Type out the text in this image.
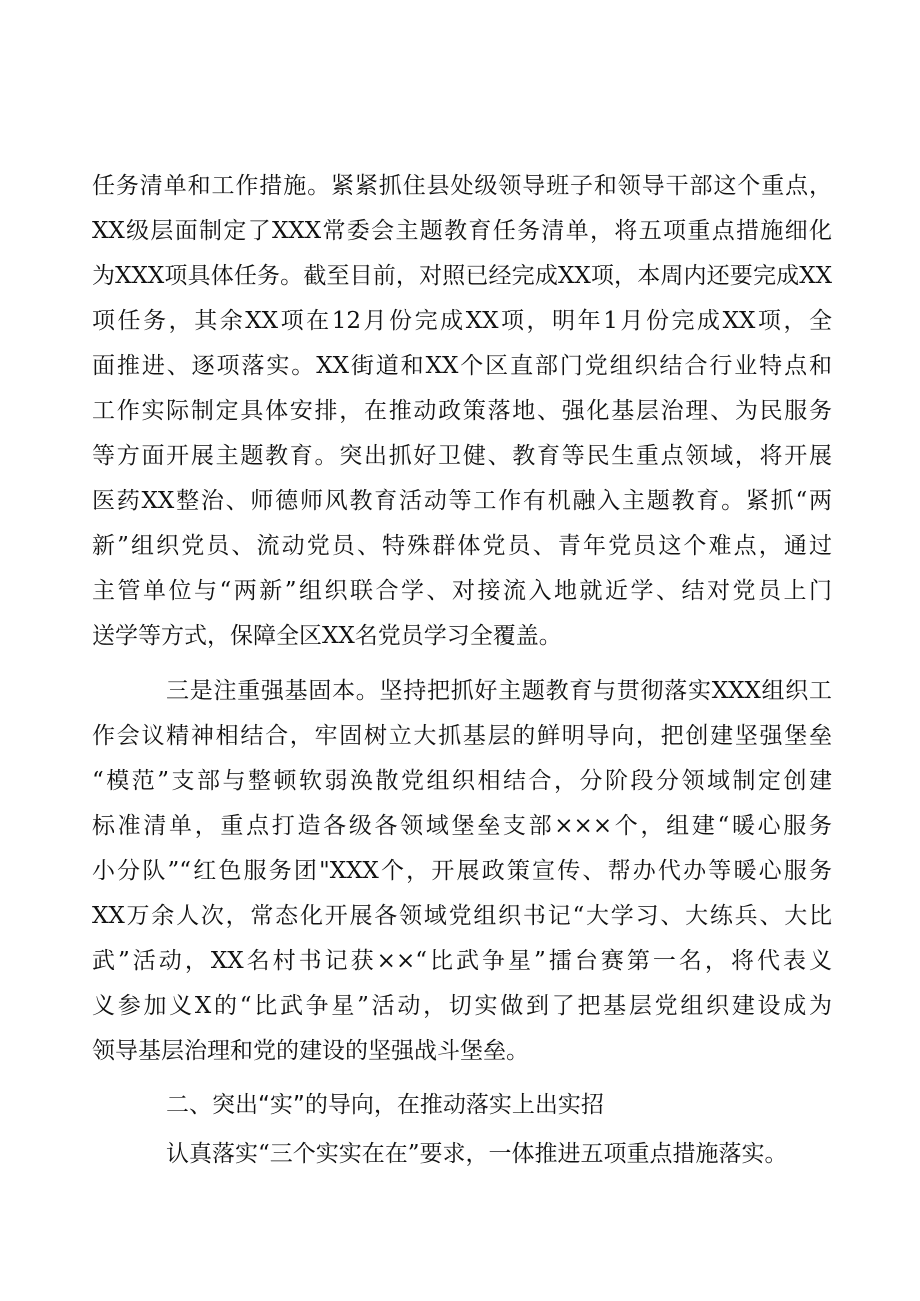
任务清单和工作措施。紧紧抓住县处级领导班子和领导干部这个重点，
XX级层面制定了XXX常委会主题教育任务清单，将五项重点措施细化
为XXX项具体任务。截至目前，对照已经完成XX项，本周内还要完成XX
项任务，其余XX项在12月份完成XX项，明年1月份完成XX项，全
面推进、逐项落实。XX街道和XX个区直部门党组织结合行业特点和
工作实际制定具体安排，在推动政策落地、强化基层治理、为民服务
等方面开展主题教育。突出抓好卫健、教育等民生重点领域，将开展
医药XX整治、师德师风教育活动等工作有机融入主题教育。紧抓“两
新”组织党员、流动党员、特殊群体党员、青年党员这个难点，通过
主管单位与“两新”组织联合学、对接流入地就近学、结对党员上门
送学等方式，保障全区XX名党员学习全覆盖。
三是注重强基固本。坚持把抓好主题教育与贯彻落实XXX组织工
作会议精神相结合，牢固树立大抓基层的鲜明导向，把创建坚强堡垒
“模范”支部与整顿软弱涣散党组织相结合，分阶段分领域制定创建
标准清单，重点打造各级各领域堡垒支部×××个，组建“暖心服务
小分队”“红色服务团"XXX个，开展政策宣传、帮办代办等暖心服务
XX万余人次，常态化开展各领域党组织书记“大学习、大练兵、大比
武”活动，XX名村书记获××“比武争星”擂台赛第一名，将代表义
义参加义X的“比武争星”活动，切实做到了把基层党组织建设成为
领导基层治理和党的建设的坚强战斗堡垒。
二、突出“实”的导向，在推动落实上出实招
认真落实“三个实实在在”要求，一体推进五项重点措施落实。
